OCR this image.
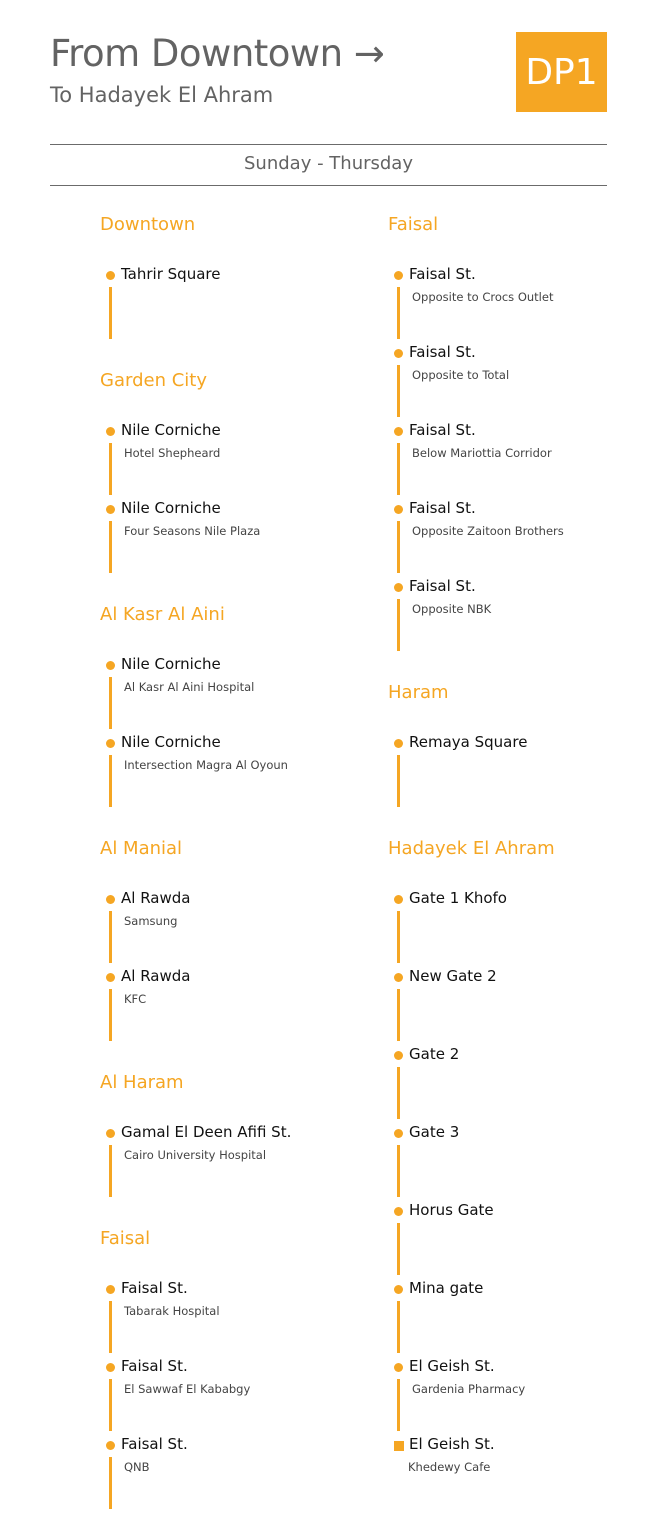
From Downtown →
To Hadayek El Ahram
DP1
Sunday - Thursday
Downtown
Tahrir Square
Garden City
Nile Corniche
Hotel Shepheard
Nile Corniche
Four Seasons Nile Plaza
Al Kasr Al Aini
Nile Corniche
Al Kasr Al Aini Hospital
Nile Corniche
Intersection Magra Al Oyoun
Al Manial
Al Rawda
Samsung
Al Rawda
KFC
Al Haram
Gamal El Deen Afifi St.
Cairo University Hospital
Faisal
Faisal St.
Tabarak Hospital
Faisal St.
El Sawwaf El Kababgy
Faisal St.
QNB
Faisal
Faisal St.
Opposite to Crocs Outlet
Faisal St.
Opposite to Total
Faisal St.
Below Mariottia Corridor
Faisal St.
Opposite Zaitoon Brothers
Faisal St.
Opposite NBK
Haram
Remaya Square
Hadayek El Ahram
Gate 1 Khofo
New Gate 2
Gate 2
Gate 3
Horus Gate
Mina gate
El Geish St.
Gardenia Pharmacy
El Geish St.
Khedewy Cafe
